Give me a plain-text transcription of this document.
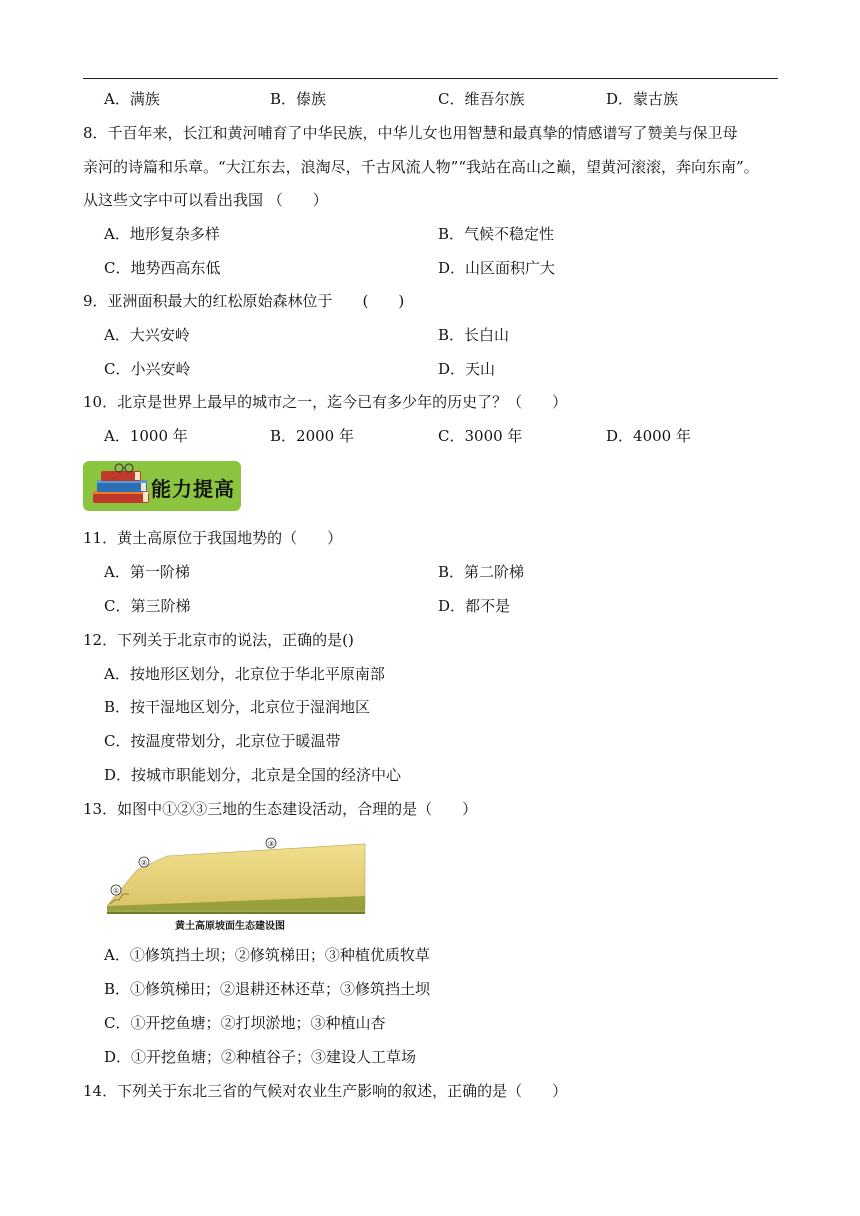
A．满族	B．傣族	C．维吾尔族	D．蒙古族
8．千百年来，长江和黄河哺育了中华民族，中华儿女也用智慧和最真挚的情感谱写了赞美与保卫母
亲河的诗篇和乐章。“大江东去，浪淘尽，千古风流人物”“我站在高山之巅，望黄河滚滚，奔向东南”。
从这些文字中可以看出我国 （　　）
A．地形复杂多样	B．气候不稳定性
C．地势西高东低	D．山区面积广大
9．亚洲面积最大的红松原始森林位于　　(　　)
A．大兴安岭	B．长白山
C．小兴安岭	D．天山
10．北京是世界上最早的城市之一，迄今已有多少年的历史了？（　　）
A．1000 年	B．2000 年	C．3000 年	D．4000 年
能力提高
11．黄土高原位于我国地势的（　　）
A．第一阶梯	B．第二阶梯
C．第三阶梯	D．都不是
12．下列关于北京市的说法，正确的是()
A．按地形区划分，北京位于华北平原南部
B．按干湿地区划分，北京位于湿润地区
C．按温度带划分，北京位于暖温带
D．按城市职能划分，北京是全国的经济中心
13．如图中①②③三地的生态建设活动，合理的是（　　）
①
②
③
黄土高原坡面生态建设图
A．①修筑挡土坝；②修筑梯田；③种植优质牧草
B．①修筑梯田；②退耕还林还草；③修筑挡土坝
C．①开挖鱼塘；②打坝淤地；③种植山杏
D．①开挖鱼塘；②种植谷子；③建设人工草场
14．下列关于东北三省的气候对农业生产影响的叙述，正确的是（　　）
